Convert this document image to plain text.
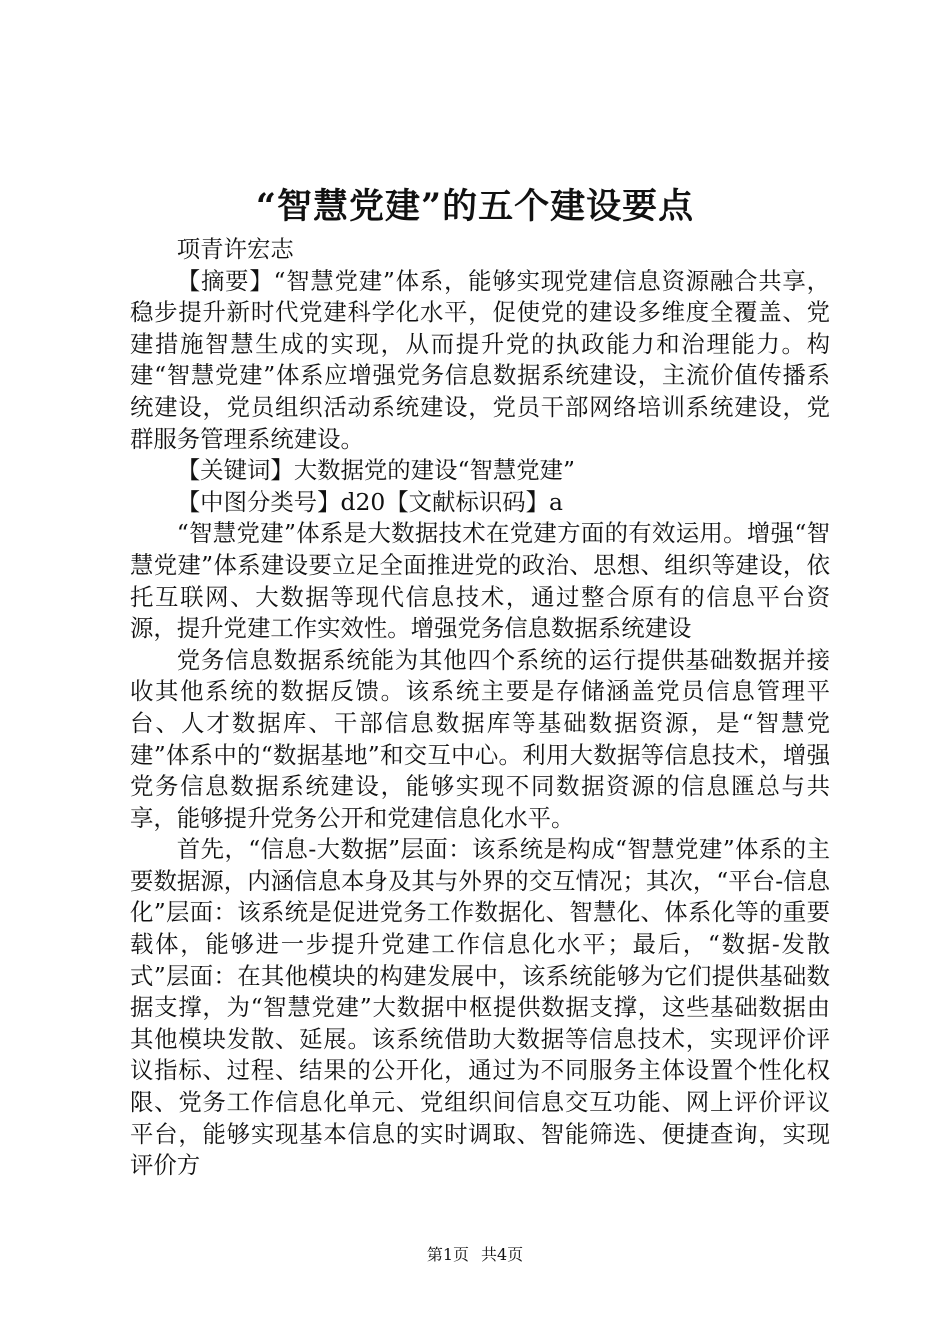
“智慧党建”的五个建设要点

项青许宏志

【摘要】“智慧党建”体系，能够实现党建信息资源融合共享，稳步提升新时代党建科学化水平，促使党的建设多维度全覆盖、党建措施智慧生成的实现，从而提升党的执政能力和治理能力。构建“智慧党建”体系应增强党务信息数据系统建设，主流价值传播系统建设，党员组织活动系统建设，党员干部网络培训系统建设，党群服务管理系统建设。

【关键词】大数据党的建设“智慧党建”

【中图分类号】d20【文献标识码】a

“智慧党建”体系是大数据技术在党建方面的有效运用。增强“智慧党建”体系建设要立足全面推进党的政治、思想、组织等建设，依托互联网、大数据等现代信息技术，通过整合原有的信息平台资源，提升党建工作实效性。增强党务信息数据系统建设

党务信息数据系统能为其他四个系统的运行提供基础数据并接收其他系统的数据反馈。该系统主要是存储涵盖党员信息管理平台、人才数据库、干部信息数据库等基础数据资源，是“智慧党建”体系中的“数据基地”和交互中心。利用大数据等信息技术，增强党务信息数据系统建设，能够实现不同数据资源的信息匯总与共享，能够提升党务公开和党建信息化水平。

首先，“信息-大数据”层面：该系统是构成“智慧党建”体系的主要数据源，内涵信息本身及其与外界的交互情况；其次，“平台-信息化”层面：该系统是促进党务工作数据化、智慧化、体系化等的重要载体，能够进一步提升党建工作信息化水平；最后，“数据-发散式”层面：在其他模块的构建发展中，该系统能够为它们提供基础数据支撑，为“智慧党建”大数据中枢提供数据支撑，这些基础数据由其他模块发散、延展。该系统借助大数据等信息技术，实现评价评议指标、过程、结果的公开化，通过为不同服务主体设置个性化权限、党务工作信息化单元、党组织间信息交互功能、网上评价评议平台，能够实现基本信息的实时调取、智能筛选、便捷查询，实现评价方

第1页 共4页
